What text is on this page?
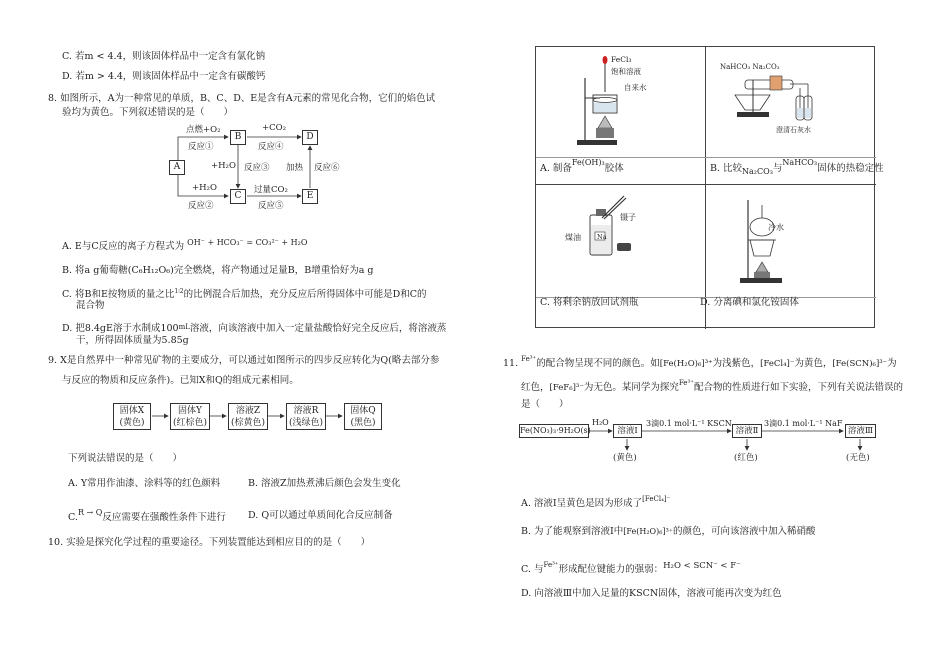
C. 若m < 4.4，则该固体样品中一定含有氯化钠
D. 若m > 4.4，则该固体样品中一定含有碳酸钙
8. 如图所示，A为一种常见的单质，B、C、D、E是含有A元素的常见化合物，它们的焰色试
验均为黄色。下列叙述错误的是（　　）
A
B
C
D
E
点燃+O₂
反应①
+CO₂
反应④
+H₂O 反应③ 加热 反应⑥
+H₂O
反应②
过量CO₂
反应⑤
A. E与C反应的离子方程式为 $^{OH^- + HCO_3^- = CO_3^{2-} + H_2O}$
B. 将a g葡萄糖(C₆H₁₂O₆)完全燃烧，将产物通过足量B，B增重恰好为a g
C. 将B和E按物质的量之比$^{1∶2}$的比例混合后加热，充分反应后所得固体中可能是D和C的
混合物
D. 把8.4gE溶于水制成$100^{mL}$溶液，向该溶液中加入一定量盐酸恰好完全反应后，将溶液蒸
干，所得固体质量为5.85g
9. X是自然界中一种常见矿物的主要成分，可以通过如图所示的四步反应转化为Q(略去部分参
与反应的物质和反应条件)。已知X和Q的组成元素相同。
固体X
(黄色)
固体Y
(红棕色)
溶液Z
(棕黄色)
溶液R
(浅绿色)
固体Q
(黑色)
下列说法错误的是（　　）
A. Y常用作油漆、涂料等的红色颜料	B. 溶液Z加热煮沸后颜色会发生变化
C.$^{R \to Q}$反应需要在强酸性条件下进行 D. Q可以通过单质间化合反应制备
10. 实验是探究化学过程的重要途径。下列装置能达到相应目的的是（　　）
FeCl₃
饱和溶液
自来水
A. 制备$^{Fe(OH)_3}$胶体
NaHCO₃ Na₂CO₃
澄清石灰水
B. 比较$_{Na_2CO_3}$与$^{NaHCO_3}$固体的热稳定性
镊子
煤油 Na
C. 将剩余钠放回试剂瓶
冷水
D. 分离碘和氯化铵固体
11. $^{Fe^{3+}}$的配合物呈现不同的颜色。如[Fe(H₂O)₆]³⁺为浅紫色，[FeCl₄]⁻为黄色，[Fe(SCN)₆]³⁻为
红色，[FeF₆]³⁻为无色。某同学为探究$^{Fe^{3+}}$配合物的性质进行如下实验，下列有关说法错误的
是（　　）
Fe(NO₃)₃·9H₂O(s)
H₂O
溶液Ⅰ
(黄色)
3滴0.1 mol·L⁻¹ KSCN
溶液Ⅱ
(红色)
3滴0.1 mol·L⁻¹ NaF
溶液Ⅲ
(无色)
A. 溶液Ⅰ呈黄色是因为形成了$^{[FeCl_4]^-}$
B. 为了能观察到溶液Ⅰ中[Fe(H₂O)₆]³⁺的颜色，可向该溶液中加入稀硝酸
C. 与$^{Fe^{3+}}$形成配位键能力的强弱：H₂O < SCN⁻ < F⁻
D. 向溶液Ⅲ中加入足量的KSCN固体，溶液可能再次变为红色
